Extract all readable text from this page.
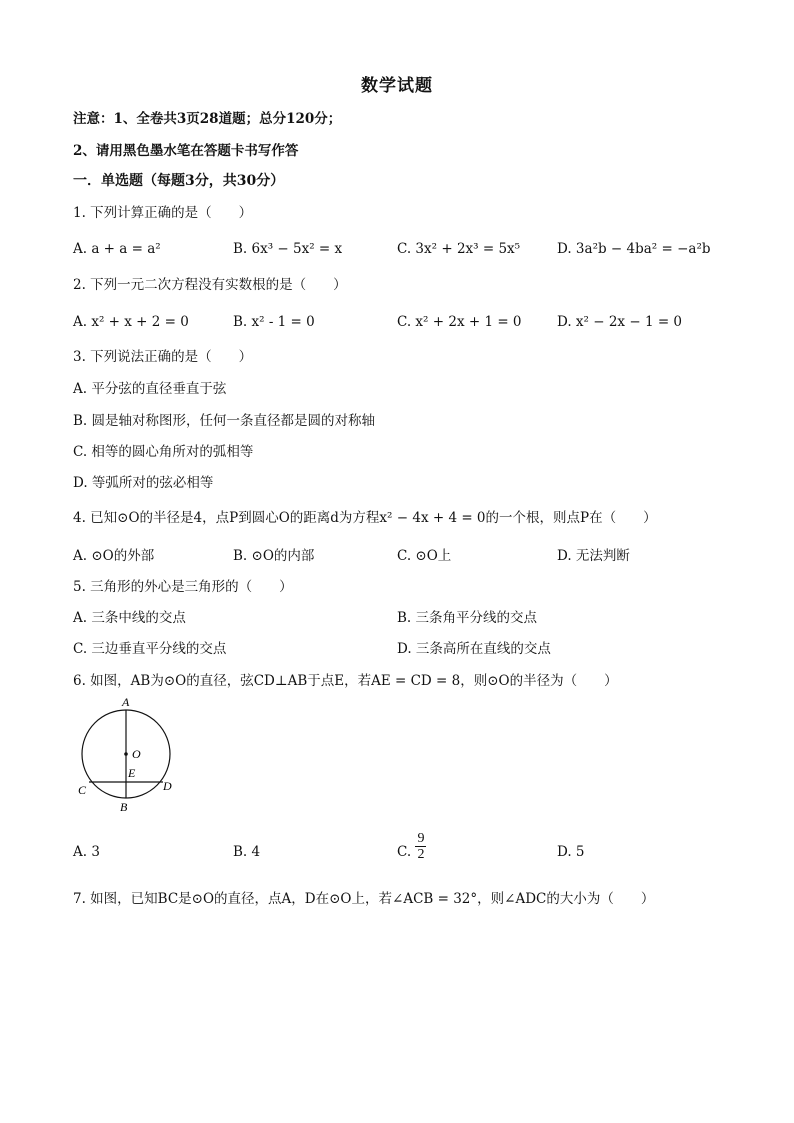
数学试题
注意：1、全卷共3页28道题；总分120分；
2、请用黑色墨水笔在答题卡书写作答
一．单选题（每题3分，共30分）
1. 下列计算正确的是（　　）
A. a + a = a²	B. 6x³ − 5x² = x	C. 3x² + 2x³ = 5x⁵	D. 3a²b − 4ba² = −a²b
2. 下列一元二次方程没有实数根的是（　　）
A. x² + x + 2 = 0	B. x² - 1 = 0	C. x² + 2x + 1 = 0	D. x² − 2x − 1 = 0
3. 下列说法正确的是（　　）
A. 平分弦的直径垂直于弦
B. 圆是轴对称图形，任何一条直径都是圆的对称轴
C. 相等的圆心角所对的弧相等
D. 等弧所对的弦必相等
4. 已知⊙O的半径是4，点P到圆心O的距离d为方程x² − 4x + 4 = 0的一个根，则点P在（　　）
A. ⊙O的外部	B. ⊙O的内部	C. ⊙O上	D. 无法判断
5. 三角形的外心是三角形的（　　）
A. 三条中线的交点	B. 三条角平分线的交点
C. 三边垂直平分线的交点	D. 三条高所在直线的交点
6. 如图，AB为⊙O的直径，弦CD⊥AB于点E，若AE = CD = 8，则⊙O的半径为（　　）
A
O
E
C	D
B
A. 3	B. 4	C. $\frac{9}{2}$	D. 5
7. 如图，已知BC是⊙O的直径，点A，D在⊙O上，若∠ACB = 32°，则∠ADC的大小为（　　）
